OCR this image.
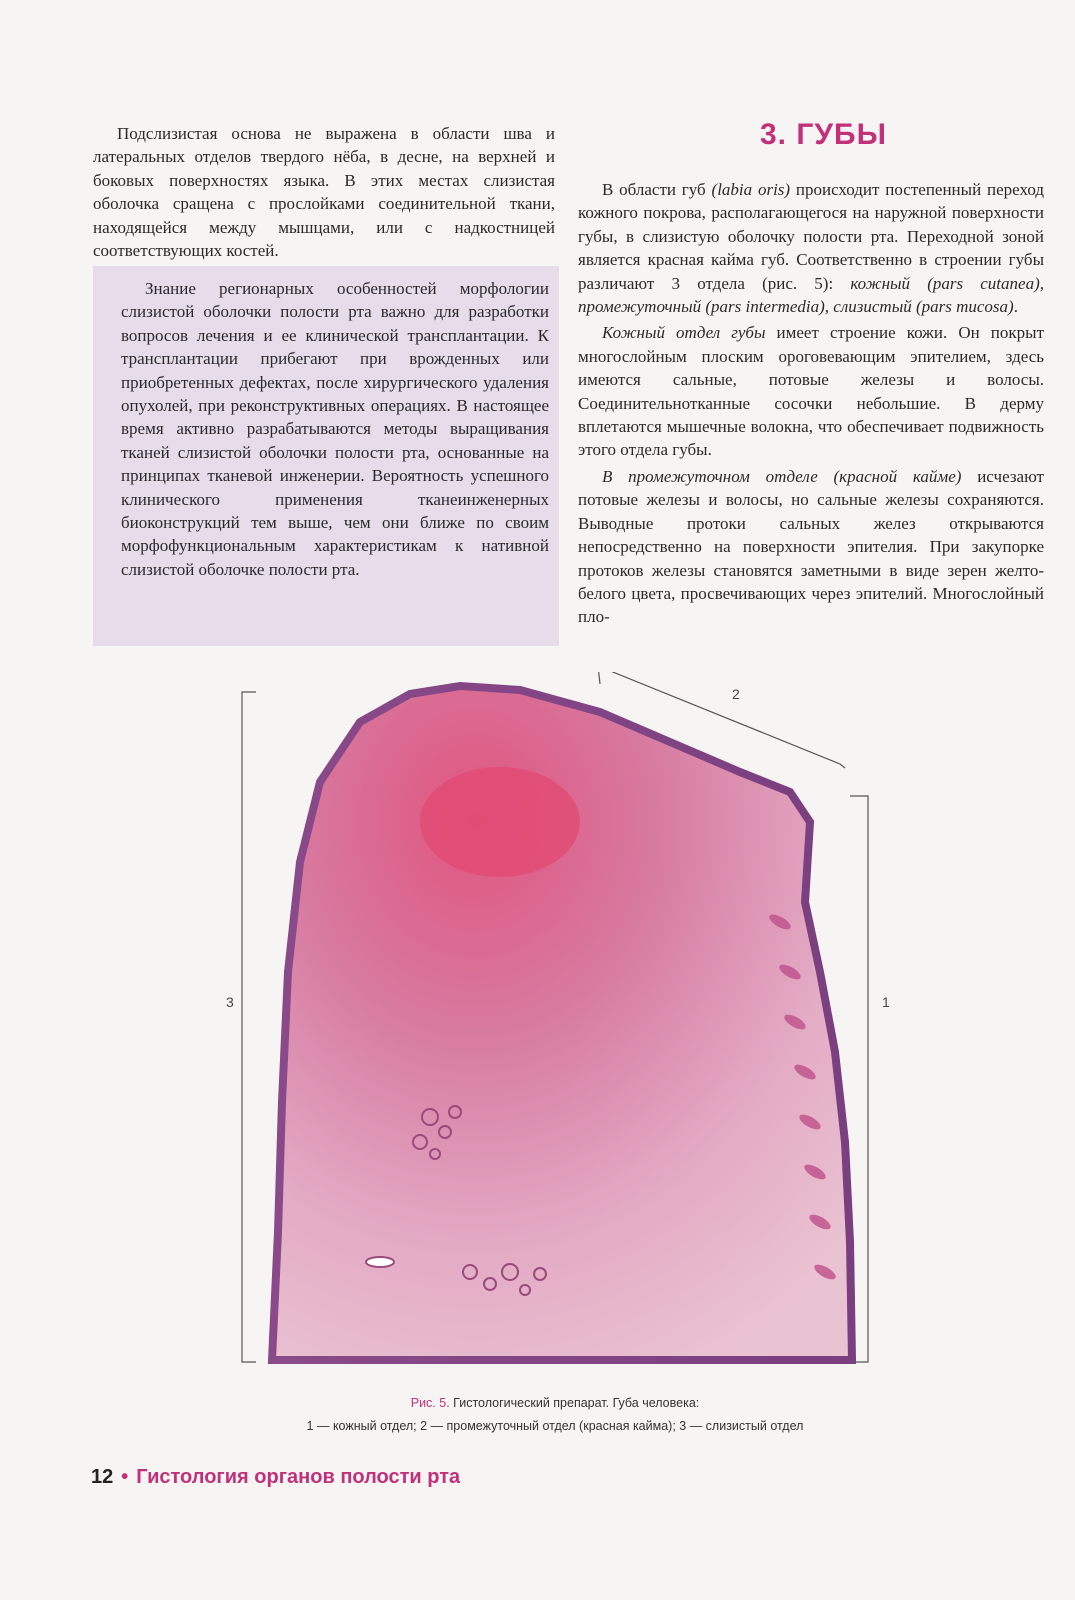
Подслизистая основа не выражена в области шва и латеральных отделов твердого нёба, в десне, на верхней и боковых поверхностях языка. В этих местах слизистая оболочка сращена с прослойками соединительной ткани, находящейся между мышцами, или с надкостницей соответствующих костей.

Знание регионарных особенностей морфологии слизистой оболочки полости рта важно для разработки вопросов лечения и ее клинической трансплантации. К трансплантации прибегают при врожденных или приобретенных дефектах, после хирургического удаления опухолей, при реконструктивных операциях. В настоящее время активно разрабатываются методы выращивания тканей слизистой оболочки полости рта, основанные на принципах тканевой инженерии. Вероятность успешного клинического применения тканеинженерных биоконструкций тем выше, чем они ближе по своим морфофункциональным характеристикам к нативной слизистой оболочке полости рта.

3. ГУБЫ

В области губ (labia oris) происходит постепенный переход кожного покрова, располагающегося на наружной поверхности губы, в слизистую оболочку полости рта. Переходной зоной является красная кайма губ. Соответственно в строении губы различают 3 отдела (рис. 5): кожный (pars cutanea), промежуточный (pars intermedia), слизистый (pars mucosa).

Кожный отдел губы имеет строение кожи. Он покрыт многослойным плоским ороговевающим эпителием, здесь имеются сальные, потовые железы и волосы. Соединительнотканные сосочки небольшие. В дерму вплетаются мышечные волокна, что обеспечивает подвижность этого отдела губы.

В промежуточном отделе (красной кайме) исчезают потовые железы и волосы, но сальные железы сохраняются. Выводные протоки сальных желез открываются непосредственно на поверхности эпителия. При закупорке протоков железы становятся заметными в виде зерен желто-белого цвета, просвечивающих через эпителий. Многослойный пло-

3	1
2
Рис. 5. Гистологический препарат. Губа человека:
1 — кожный отдел; 2 — промежуточный отдел (красная кайма); 3 — слизистый отдел
12 • Гистология органов полости рта
